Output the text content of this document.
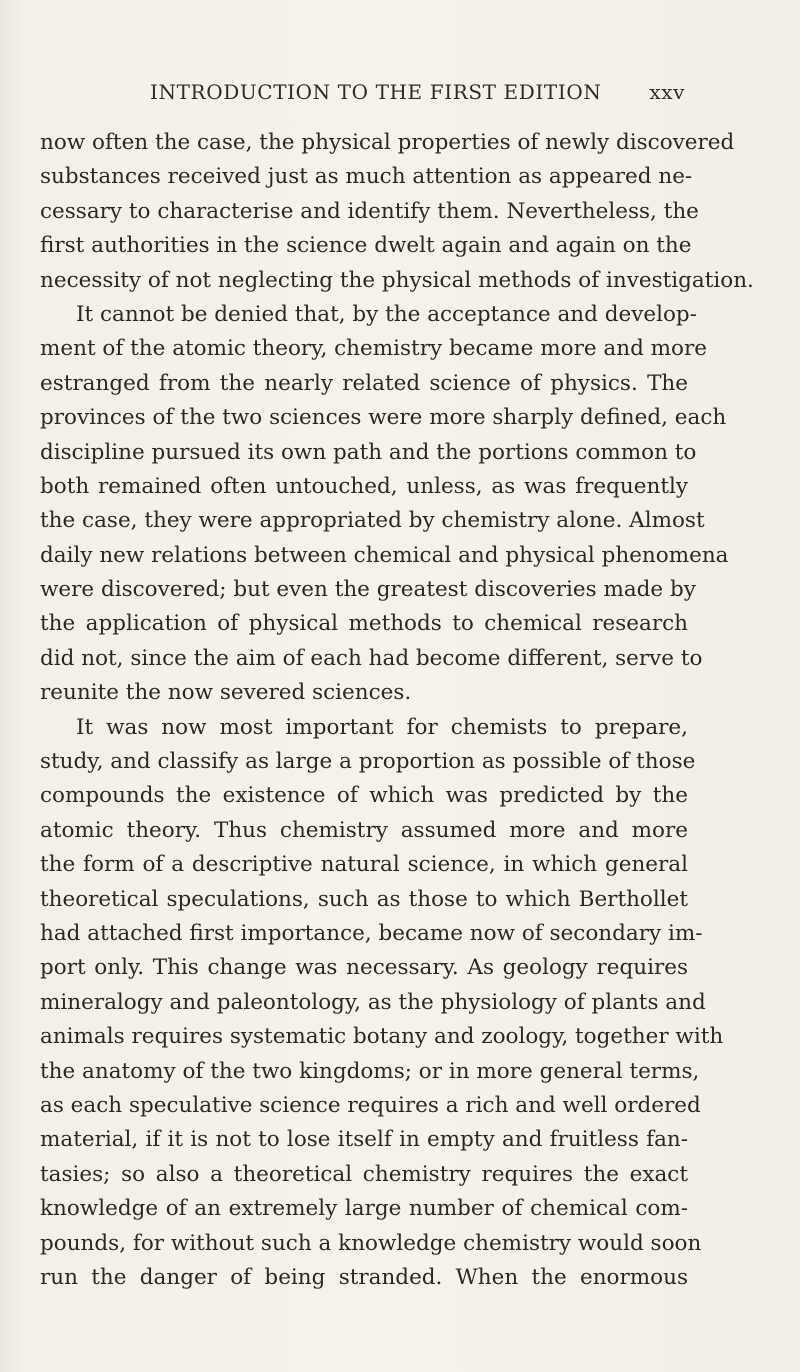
INTRODUCTION TO THE FIRST EDITION xxv
now often the case, the physical properties of newly discovered
substances received just as much attention as appeared ne-
cessary to characterise and identify them. Nevertheless, the
first authorities in the science dwelt again and again on the
necessity of not neglecting the physical methods of investigation.
It cannot be denied that, by the acceptance and develop-
ment of the atomic theory, chemistry became more and more
estranged from the nearly related science of physics. The
provinces of the two sciences were more sharply defined, each
discipline pursued its own path and the portions common to
both remained often untouched, unless, as was frequently
the case, they were appropriated by chemistry alone. Almost
daily new relations between chemical and physical phenomena
were discovered; but even the greatest discoveries made by
the application of physical methods to chemical research
did not, since the aim of each had become different, serve to
reunite the now severed sciences.
It was now most important for chemists to prepare,
study, and classify as large a proportion as possible of those
compounds the existence of which was predicted by the
atomic theory. Thus chemistry assumed more and more
the form of a descriptive natural science, in which general
theoretical speculations, such as those to which Berthollet
had attached first importance, became now of secondary im-
port only. This change was necessary. As geology requires
mineralogy and paleontology, as the physiology of plants and
animals requires systematic botany and zoology, together with
the anatomy of the two kingdoms; or in more general terms,
as each speculative science requires a rich and well ordered
material, if it is not to lose itself in empty and fruitless fan-
tasies; so also a theoretical chemistry requires the exact
knowledge of an extremely large number of chemical com-
pounds, for without such a knowledge chemistry would soon
run the danger of being stranded. When the enormous
